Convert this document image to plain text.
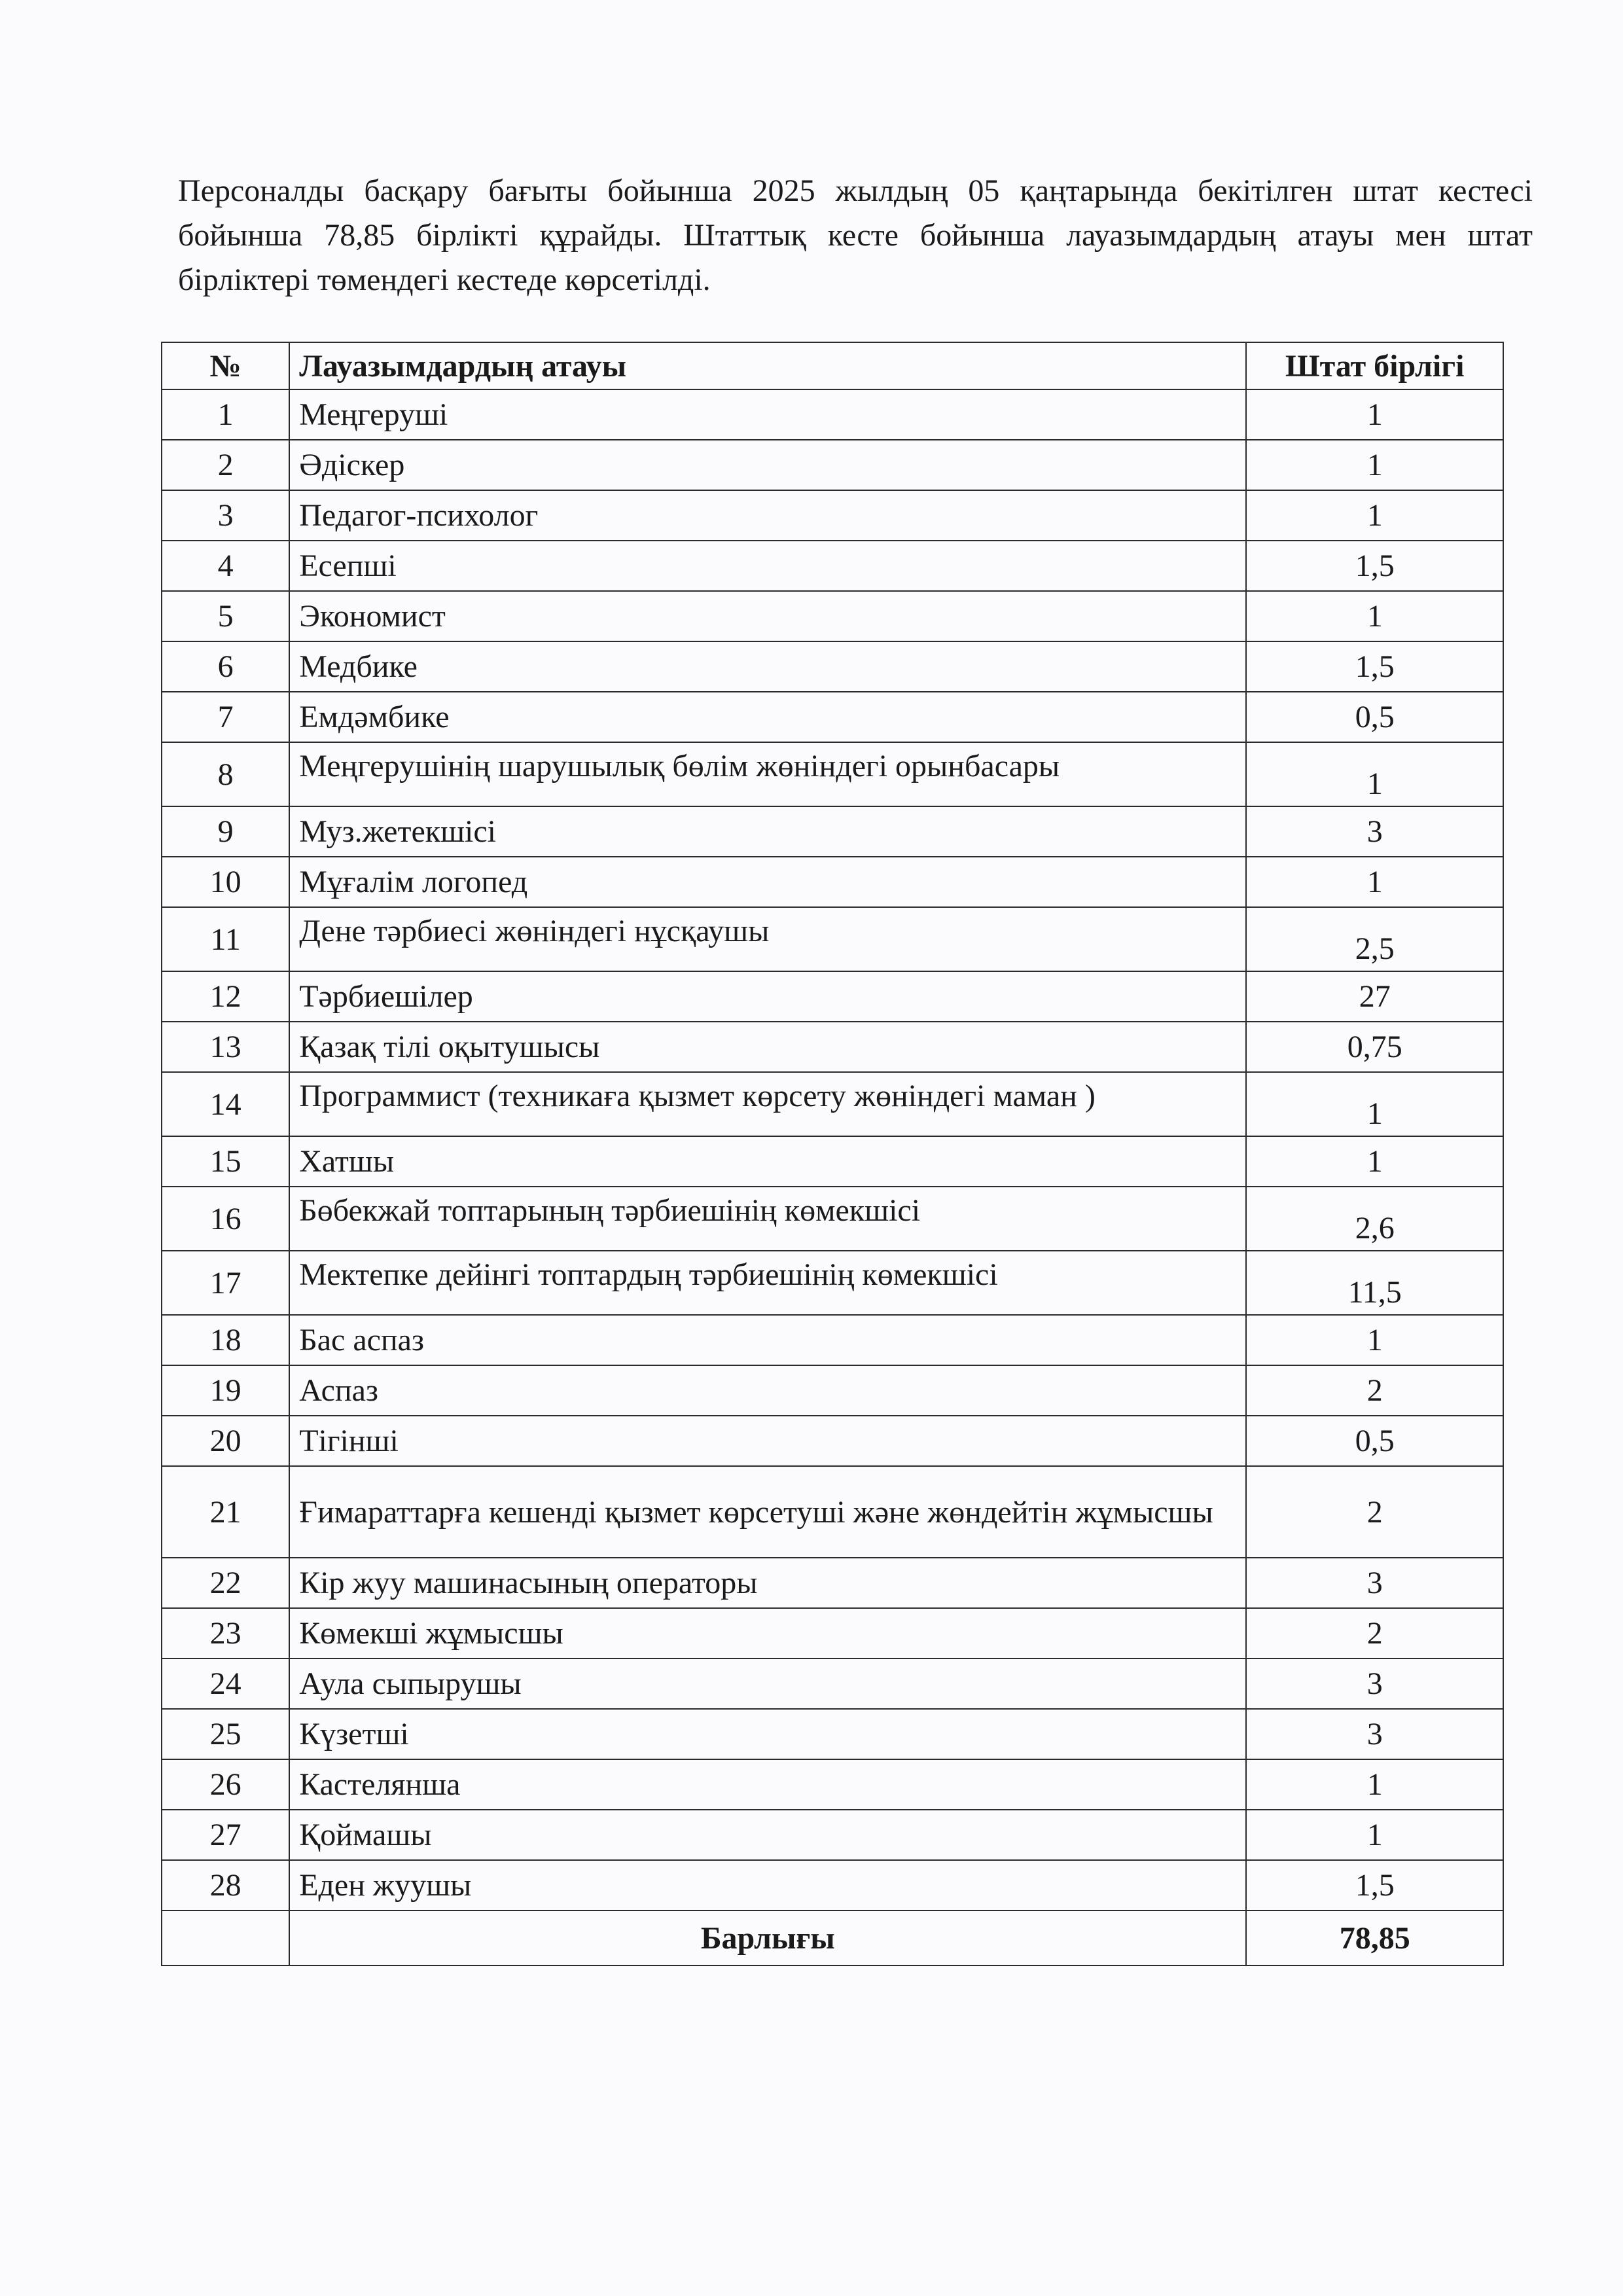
Персоналды басқару бағыты бойынша 2025 жылдың 05 қаңтарында бекітілген штат кестесі бойынша 78,85 бірлікті құрайды. Штаттық кесте бойынша лауазымдардың атауы мен штат бірліктері төмендегі кестеде көрсетілді.

№	Лауазымдардың атауы	Штат бірлігі
1	Меңгеруші	1
2	Әдіскер	1
3	Педагог-психолог	1
4	Есепші	1,5
5	Экономист	1
6	Медбике	1,5
7	Емдәмбике	0,5
8	Меңгерушінің шарушылық бөлім жөніндегі орынбасары	1
9	Муз.жетекшісі	3
10	Мұғалім логопед	1
11	Дене тәрбиесі жөніндегі нұсқаушы	2,5
12	Тәрбиешілер	27
13	Қазақ тілі оқытушысы	0,75
14	Программист (техникаға қызмет көрсету жөніндегі маман )	1
15	Хатшы	1
16	Бөбекжай топтарының тәрбиешінің көмекшісі	2,6
17	Мектепке дейінгі топтардың тәрбиешінің көмекшісі	11,5
18	Бас аспаз	1
19	Аспаз	2
20	Тігінші	0,5
21	Ғимараттарға кешенді қызмет көрсетуші және жөндейтін жұмысшы	2
22	Кір жуу машинасының операторы	3
23	Көмекші жұмысшы	2
24	Аула сыпырушы	3
25	Күзетші	3
26	Кастелянша	1
27	Қоймашы	1
28	Еден жуушы	1,5
	Барлығы	78,85
